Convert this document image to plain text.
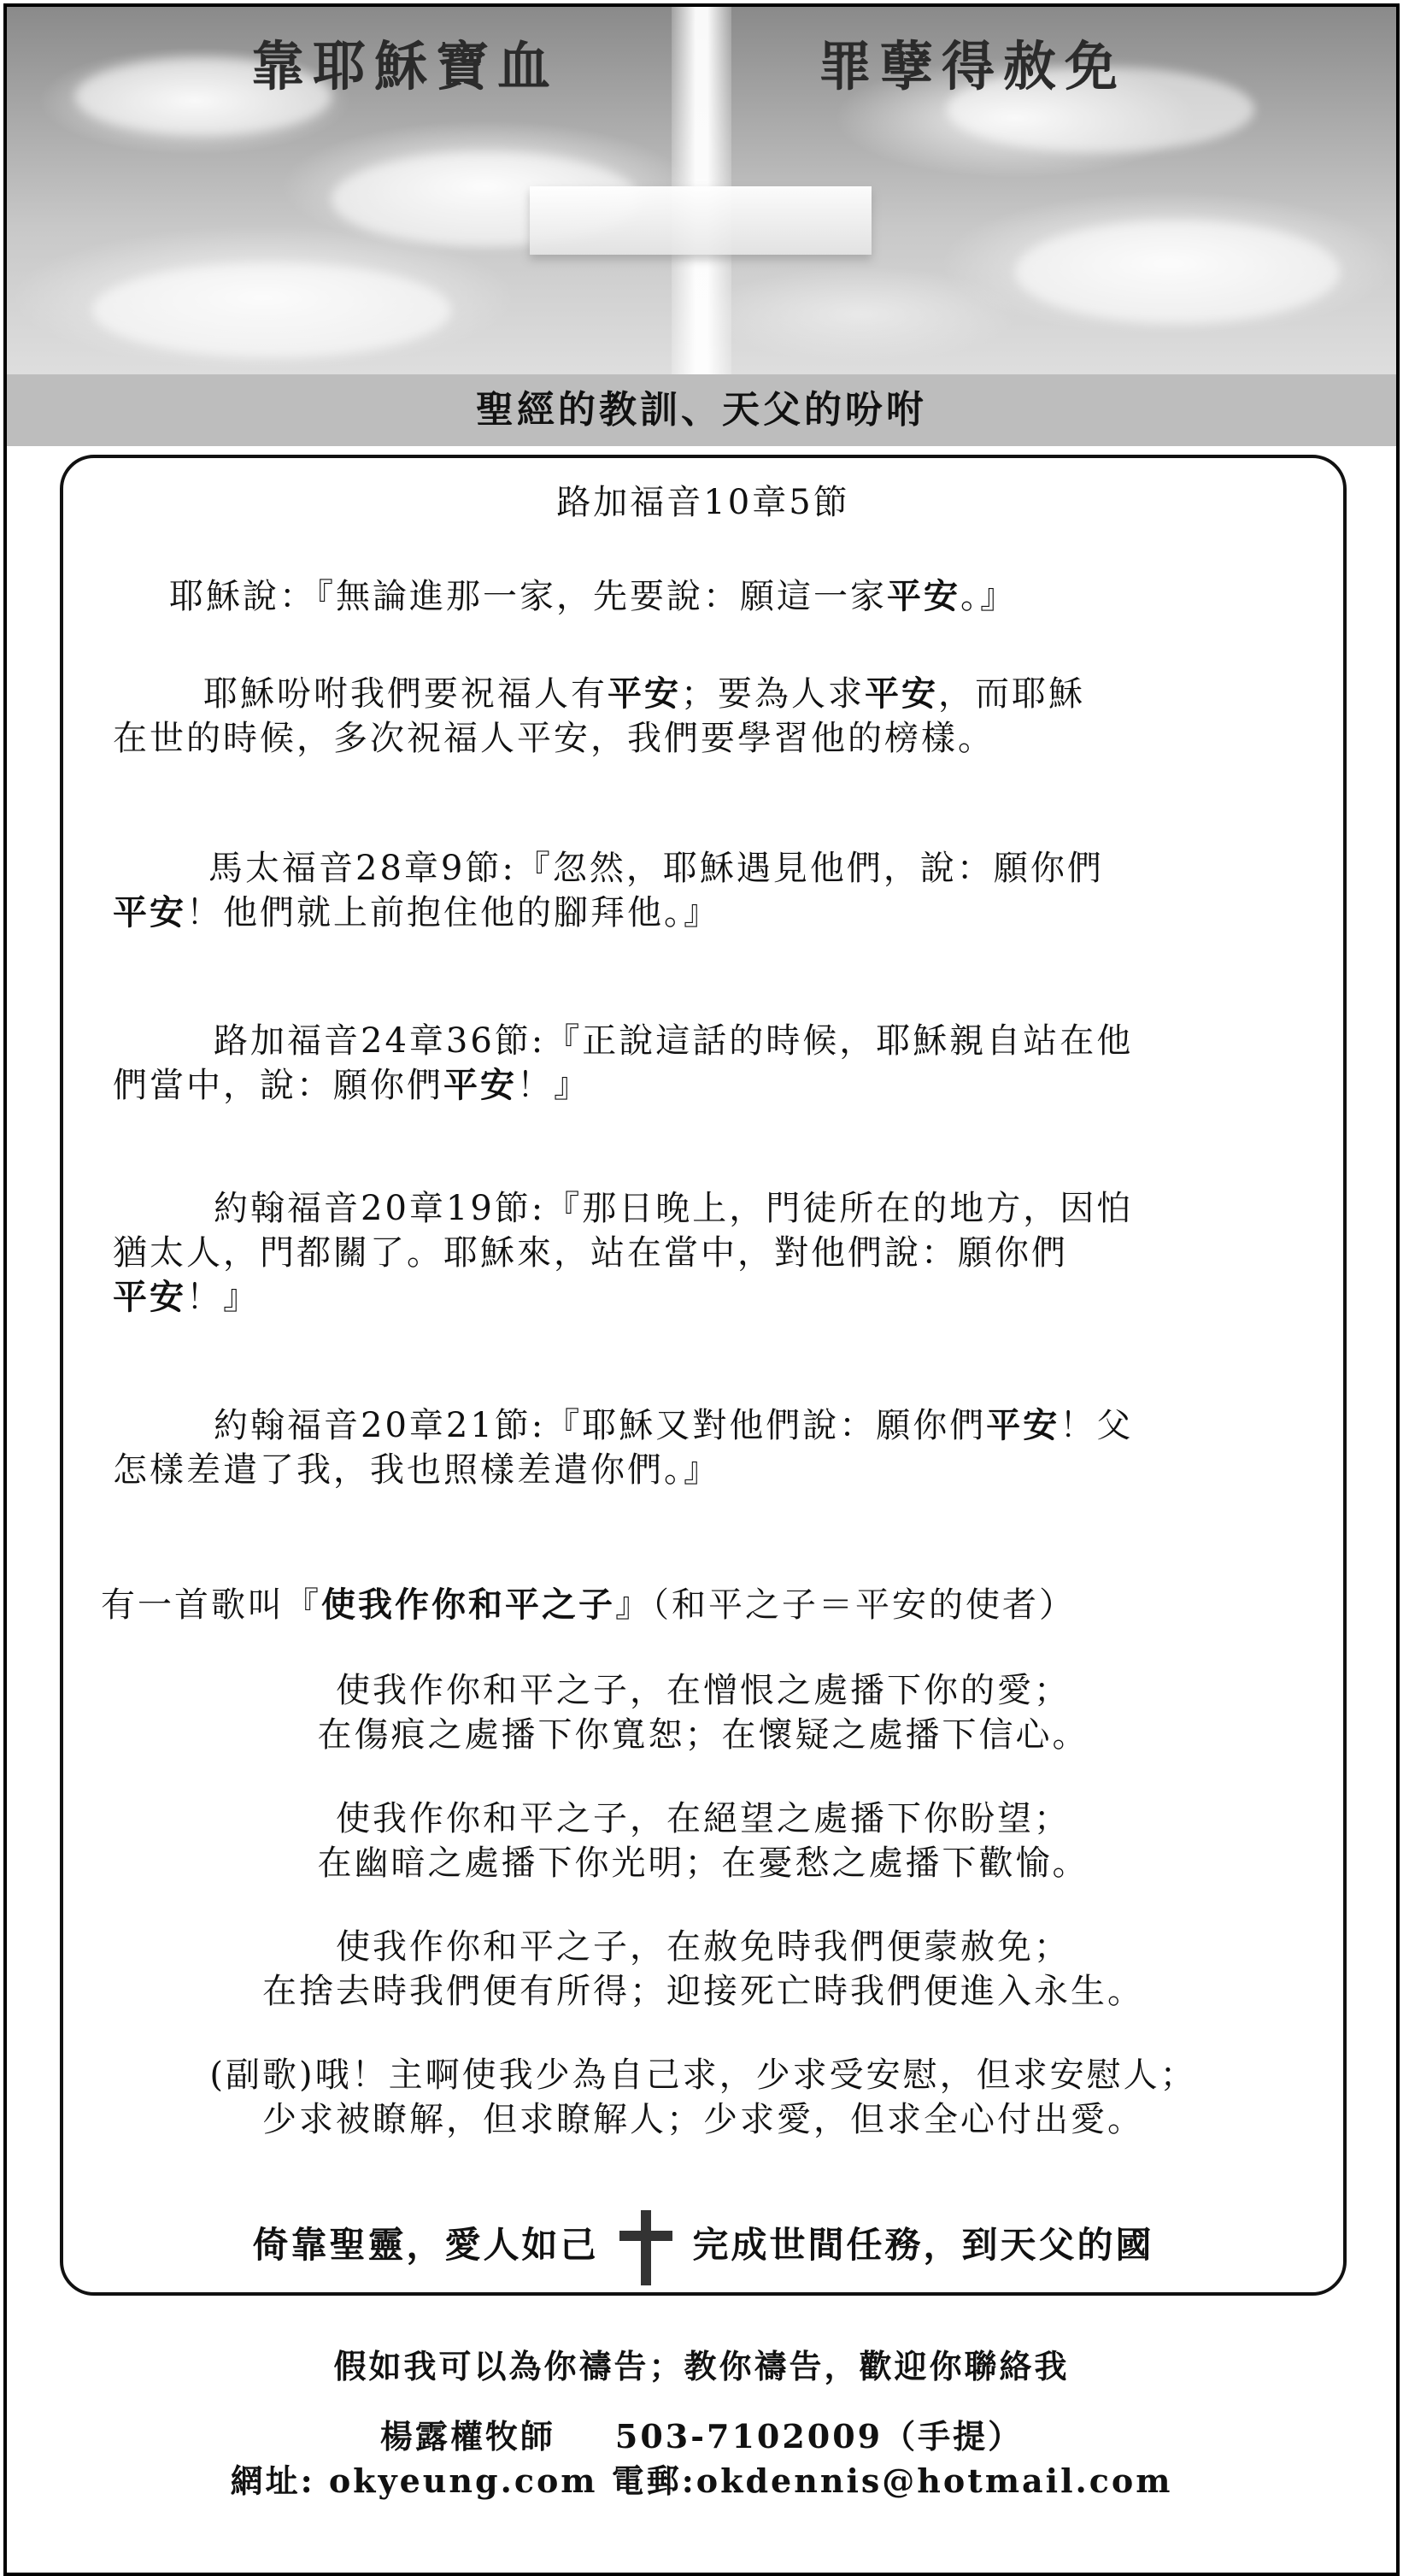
靠耶穌寶血	罪孽得赦免
聖經的教訓、天父的吩咐
路加福音10章5節
耶穌說：『無論進那一家，先要說：願這一家平安。』
耶穌吩咐我們要祝福人有平安；要為人求平安，而耶穌
在世的時候，多次祝福人平安，我們要學習他的榜樣。
馬太福音28章9節:『忽然，耶穌遇見他們，說：願你們
平安！他們就上前抱住他的腳拜他。』
路加福音24章36節:『正說這話的時候，耶穌親自站在他
們當中，說：願你們平安！』
約翰福音20章19節:『那日晚上，門徒所在的地方，因怕
猶太人，門都關了。耶穌來，站在當中，對他們說：願你們
平安！』
約翰福音20章21節:『耶穌又對他們說：願你們平安！父
怎樣差遣了我，我也照樣差遣你們。』
有一首歌叫『使我作你和平之子』（和平之子＝平安的使者）
使我作你和平之子，在憎恨之處播下你的愛；
在傷痕之處播下你寬恕；在懷疑之處播下信心。
使我作你和平之子，在絕望之處播下你盼望；
在幽暗之處播下你光明；在憂愁之處播下歡愉。
使我作你和平之子，在赦免時我們便蒙赦免；
在捨去時我們便有所得；迎接死亡時我們便進入永生。
(副歌)哦！主啊使我少為自己求，少求受安慰，但求安慰人；
少求被瞭解，但求瞭解人；少求愛，但求全心付出愛。
倚靠聖靈，愛人如己	完成世間任務，到天父的國
假如我可以為你禱告；教你禱告，歡迎你聯絡我
楊露權牧師 503-7102009（手提）
網址: okyeung.com 電郵:okdennis@hotmail.com
